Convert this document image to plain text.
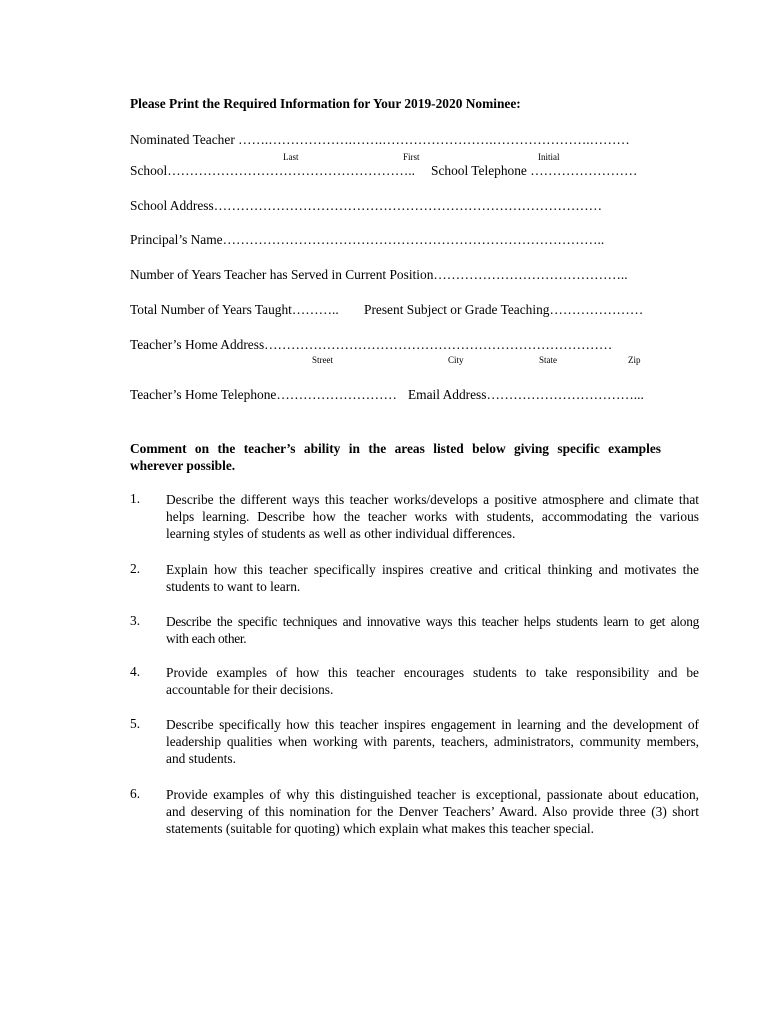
Please Print the Required Information for Your 2019-2020 Nominee:
Nominated Teacher …….……………….…….…………………….………………….………
Last	First	Initial
School……………………………………………….. School Telephone ……………………
School Address……………………………………………………………………………
Principal’s Name…………………………………………………………………………..
Number of Years Teacher has Served in Current Position……………………………………..
Total Number of Years Taught……….. Present Subject or Grade Teaching…………………
Teacher’s Home Address……………………………………………………………………
Street	City	State	Zip
Teacher’s Home Telephone……………………… Email Address……………………………...
Comment on the teacher’s ability in the areas listed below giving specific examples
wherever possible.
1. Describe the different ways this teacher works/develops a positive atmosphere and climate that
helps learning. Describe how the teacher works with students, accommodating the various
learning styles of students as well as other individual differences.
2. Explain how this teacher specifically inspires creative and critical thinking and motivates the
students to want to learn.
3. Describe the specific techniques and innovative ways this teacher helps students learn to get along
with each other.
4. Provide examples of how this teacher encourages students to take responsibility and be
accountable for their decisions.
5. Describe specifically how this teacher inspires engagement in learning and the development of
leadership qualities when working with parents, teachers, administrators, community members,
and students.
6. Provide examples of why this distinguished teacher is exceptional, passionate about education,
and deserving of this nomination for the Denver Teachers’ Award. Also provide three (3) short
statements (suitable for quoting) which explain what makes this teacher special.
